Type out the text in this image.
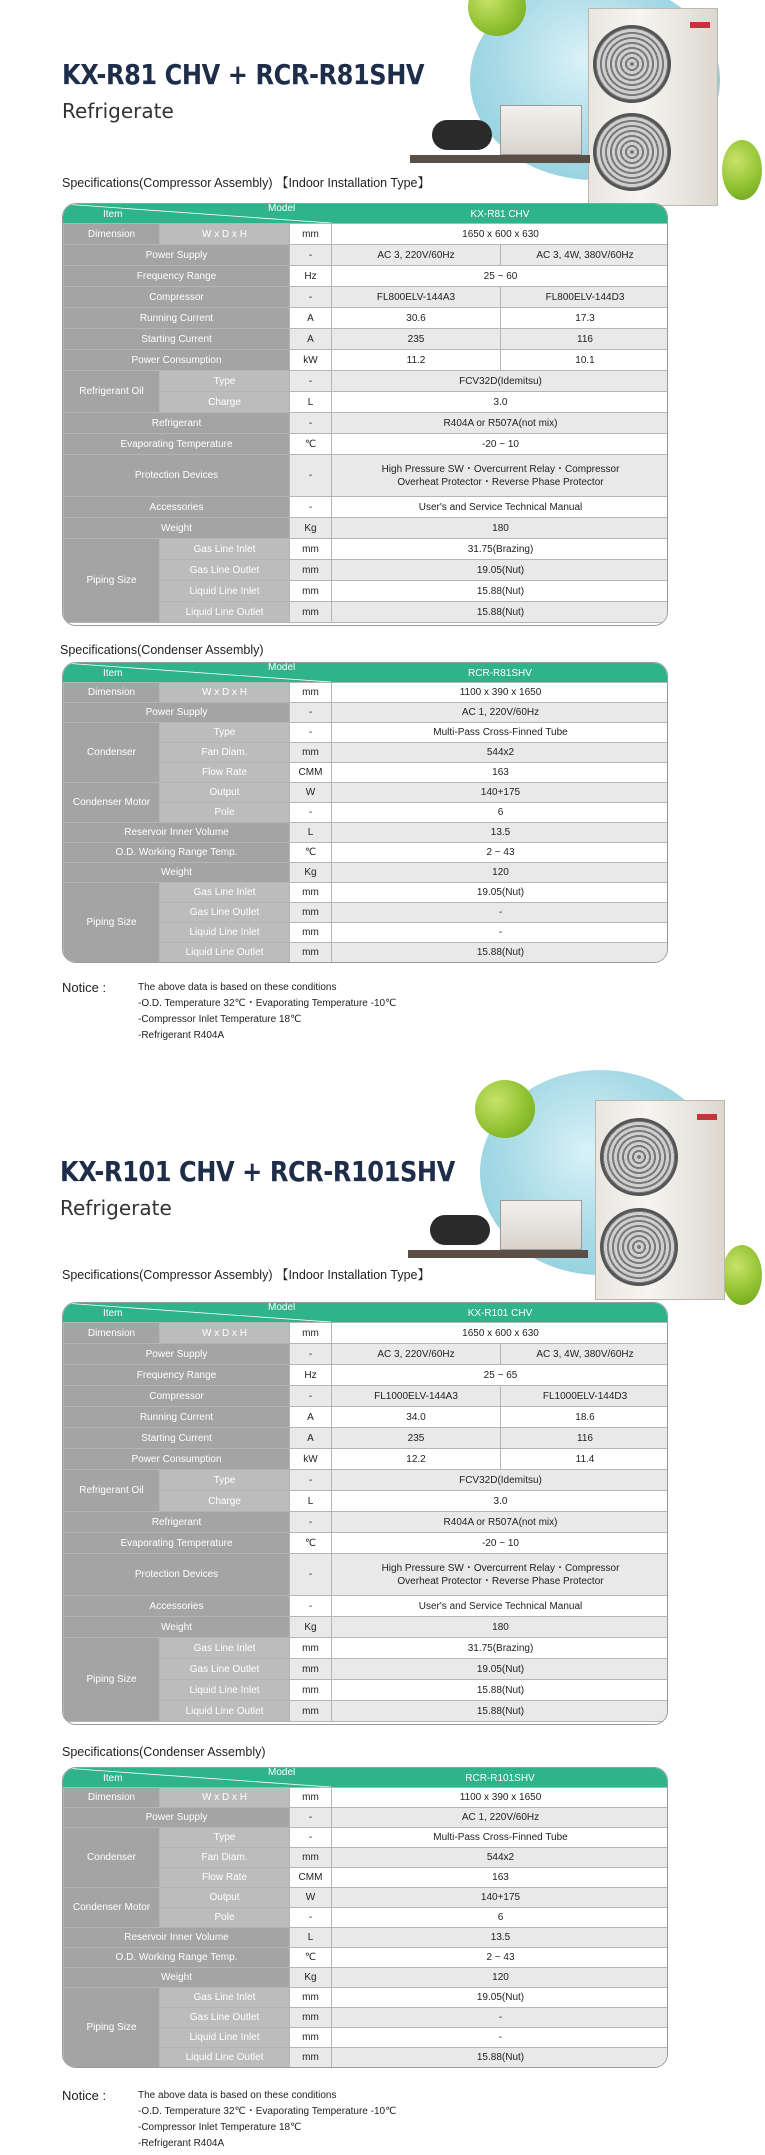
KX-R81 CHV + RCR-R81SHV
Refrigerate
Specifications(Compressor Assembly) 【Indoor Installation Type】
Item
Model
KX-R81 CHV
Dimension	W x D x H	mm	1650 x 600 x 630	
Power Supply		-	AC 3, 220V/60Hz	AC 3, 4W, 380V/60Hz
Frequency Range		Hz	25 ~ 60	
Compressor		-	FL800ELV-144A3	FL800ELV-144D3
Running Current		A	30.6	17.3
Starting Current		A	235	116
Power Consumption		kW	11.2	10.1
Refrigerant Oil	Type	-	FCV32D(Idemitsu)	
	Charge	L	3.0	
Refrigerant		-	R404A or R507A(not mix)	
Evaporating Temperature		℃	-20 ~ 10	
Protection Devices		-	High Pressure SW・Overcurrent Relay・Compressor
Overheat Protector・Reverse Phase Protector	

Accessories		-	User's and Service Technical Manual	
Weight		Kg	180	
Piping Size	Gas Line Inlet	mm	31.75(Brazing)	
	Gas Line Outlet	mm	19.05(Nut)	
	Liquid Line Inlet	mm	15.88(Nut)	
	Liquid Line Outlet	mm	15.88(Nut)	
Specifications(Condenser Assembly)
Item
Model
RCR-R81SHV
Dimension	W x D x H	mm	1100 x 390 x 1650
Power Supply		-	AC 1, 220V/60Hz
Condenser	Type	-	Multi-Pass Cross-Finned Tube
	Fan Diam.	mm	544x2
	Flow Rate	CMM	163
Condenser Motor	Output	W	140+175
	Pole	-	6
Reservoir Inner Volume		L	13.5
O.D. Working Range Temp.		℃	2 ~ 43
Weight		Kg	120
Piping Size	Gas Line Inlet	mm	19.05(Nut)
	Gas Line Outlet	mm	-
	Liquid Line Inlet	mm	-
	Liquid Line Outlet	mm	15.88(Nut)
Notice :	The above data is based on these conditions
-O.D. Temperature 32℃・Evaporating Temperature -10℃
-Compressor Inlet Temperature 18℃
-Refrigerant R404A
KX-R101 CHV + RCR-R101SHV
Refrigerate
Specifications(Compressor Assembly) 【Indoor Installation Type】
Item
Model
KX-R101 CHV
Dimension	W x D x H	mm	1650 x 600 x 630	
Power Supply		-	AC 3, 220V/60Hz	AC 3, 4W, 380V/60Hz
Frequency Range		Hz	25 ~ 65	
Compressor		-	FL1000ELV-144A3	FL1000ELV-144D3
Running Current		A	34.0	18.6
Starting Current		A	235	116
Power Consumption		kW	12.2	11.4
Refrigerant Oil	Type	-	FCV32D(Idemitsu)	
	Charge	L	3.0	
Refrigerant		-	R404A or R507A(not mix)	
Evaporating Temperature		℃	-20 ~ 10	
Protection Devices		-	High Pressure SW・Overcurrent Relay・Compressor
Overheat Protector・Reverse Phase Protector	

Accessories		-	User's and Service Technical Manual	
Weight		Kg	180	
Piping Size	Gas Line Inlet	mm	31.75(Brazing)	
	Gas Line Outlet	mm	19.05(Nut)	
	Liquid Line Inlet	mm	15.88(Nut)	
	Liquid Line Outlet	mm	15.88(Nut)	
Specifications(Condenser Assembly)
Item
Model
RCR-R101SHV
Dimension	W x D x H	mm	1100 x 390 x 1650
Power Supply		-	AC 1, 220V/60Hz
Condenser	Type	-	Multi-Pass Cross-Finned Tube
	Fan Diam.	mm	544x2
	Flow Rate	CMM	163
Condenser Motor	Output	W	140+175
	Pole	-	6
Reservoir Inner Volume		L	13.5
O.D. Working Range Temp.		℃	2 ~ 43
Weight		Kg	120
Piping Size	Gas Line Inlet	mm	19.05(Nut)
	Gas Line Outlet	mm	-
	Liquid Line Inlet	mm	-
	Liquid Line Outlet	mm	15.88(Nut)
Notice :	The above data is based on these conditions
-O.D. Temperature 32℃・Evaporating Temperature -10℃
-Compressor Inlet Temperature 18℃
-Refrigerant R404A
